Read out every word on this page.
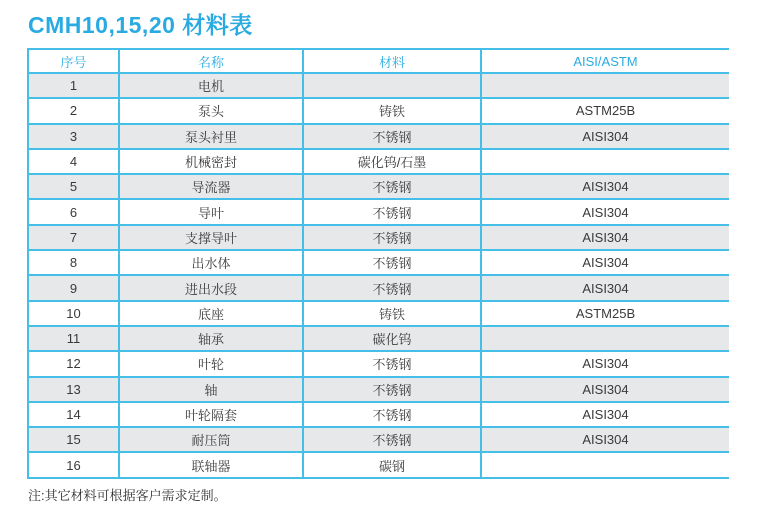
CMH10,15,20 材料表
序号	名称	材料	AISI/ASTM
1	电机		
2	泵头	铸铁	ASTM25B
3	泵头衬里	不锈钢	AISI304
4	机械密封	碳化钨/石墨	
5	导流器	不锈钢	AISI304
6	导叶	不锈钢	AISI304
7	支撑导叶	不锈钢	AISI304
8	出水体	不锈钢	AISI304
9	进出水段	不锈钢	AISI304
10	底座	铸铁	ASTM25B
11	轴承	碳化钨	
12	叶轮	不锈钢	AISI304
13	轴	不锈钢	AISI304
14	叶轮隔套	不锈钢	AISI304
15	耐压筒	不锈钢	AISI304
16	联轴器	碳钢	

注:其它材料可根据客户需求定制。
